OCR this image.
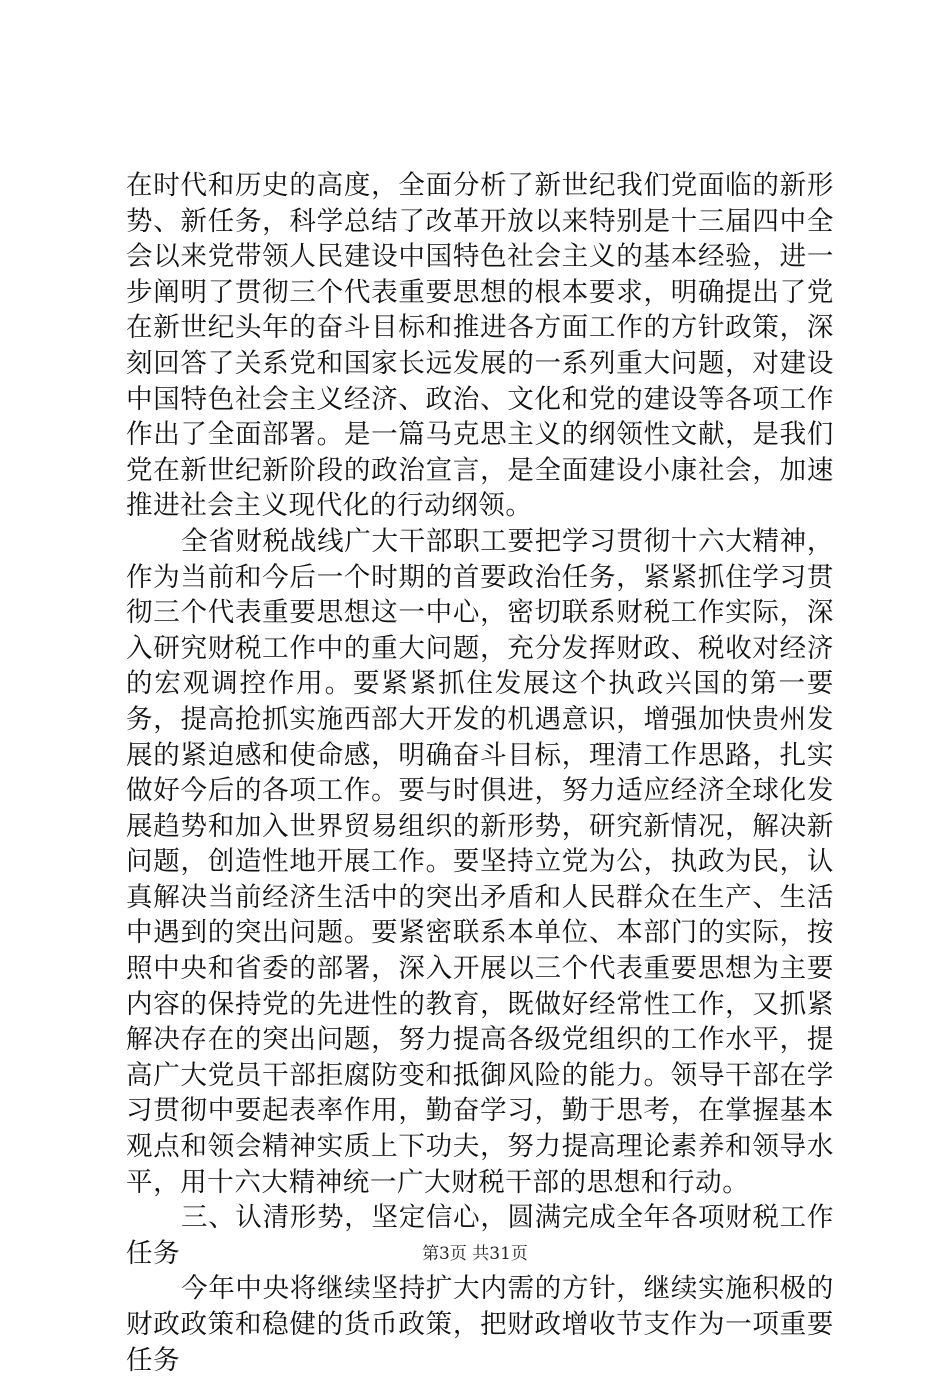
在时代和历史的高度，全面分析了新世纪我们党面临的新形势、新任务，科学总结了改革开放以来特别是十三届四中全会以来党带领人民建设中国特色社会主义的基本经验，进一步阐明了贯彻三个代表重要思想的根本要求，明确提出了党在新世纪头年的奋斗目标和推进各方面工作的方针政策，深刻回答了关系党和国家长远发展的一系列重大问题，对建设中国特色社会主义经济、政治、文化和党的建设等各项工作作出了全面部署。是一篇马克思主义的纲领性文献，是我们党在新世纪新阶段的政治宣言，是全面建设小康社会，加速推进社会主义现代化的行动纲领。

全省财税战线广大干部职工要把学习贯彻十六大精神，作为当前和今后一个时期的首要政治任务，紧紧抓住学习贯彻三个代表重要思想这一中心，密切联系财税工作实际，深入研究财税工作中的重大问题，充分发挥财政、税收对经济的宏观调控作用。要紧紧抓住发展这个执政兴国的第一要务，提高抢抓实施西部大开发的机遇意识，增强加快贵州发展的紧迫感和使命感，明确奋斗目标，理清工作思路，扎实做好今后的各项工作。要与时俱进，努力适应经济全球化发展趋势和加入世界贸易组织的新形势，研究新情况，解决新问题，创造性地开展工作。要坚持立党为公，执政为民，认真解决当前经济生活中的突出矛盾和人民群众在生产、生活中遇到的突出问题。要紧密联系本单位、本部门的实际，按照中央和省委的部署，深入开展以三个代表重要思想为主要内容的保持党的先进性的教育，既做好经常性工作，又抓紧解决存在的突出问题，努力提高各级党组织的工作水平，提高广大党员干部拒腐防变和抵御风险的能力。领导干部在学习贯彻中要起表率作用，勤奋学习，勤于思考，在掌握基本观点和领会精神实质上下功夫，努力提高理论素养和领导水平，用十六大精神统一广大财税干部的思想和行动。

三、认清形势，坚定信心，圆满完成全年各项财税工作任务

今年中央将继续坚持扩大内需的方针，继续实施积极的财政政策和稳健的货币政策，把财政增收节支作为一项重要任务

第3页 共31页
